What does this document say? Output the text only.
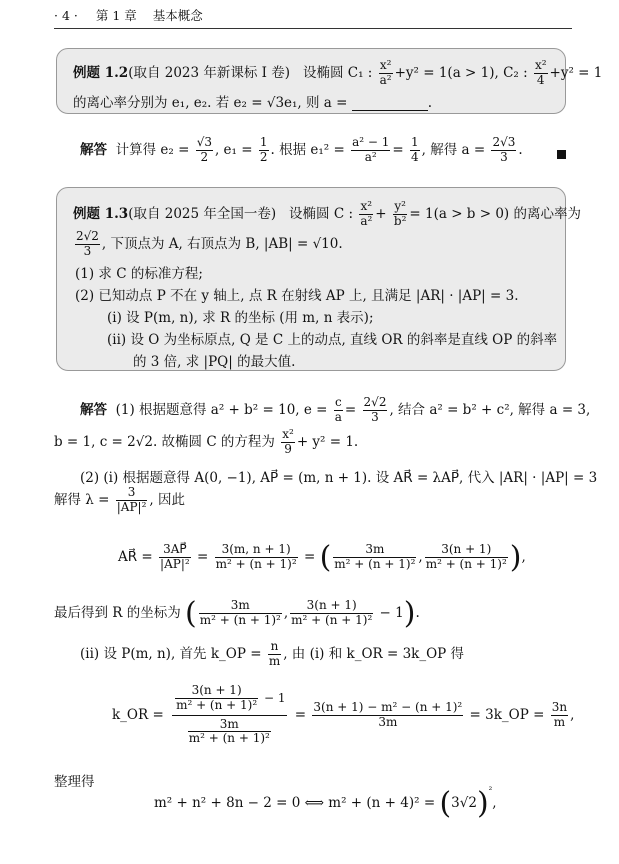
· 4 · 第 1 章 基本概念
例题 1.2(取自 2023 年新课标 I 卷) 设椭圆 C₁ : $\frac{\text{x²}}{\text{a²}} +y^2 = 1(a > 1)$, C₂ : $\frac{\text{x²}}{4} +y^2 = 1$
的离心率分别为 e₁, e₂. 若 e₂ = √3e₁, 则 a =	.
解答 计算得 $e_2 = \frac{√3}{2}$ , $e_1 = \frac{1}{2}$ . 根据 $e_1^2 = \frac{\text{a² − 1}}{\text{a²}} = \frac{1}{4}$ , 解得 $a = \frac{2√3}{3}$ .
例题 1.3(取自 2025 年全国一卷) 设椭圆 C : $\frac{\text{x²}}{\text{a²}} + \frac{\text{y²}}{\text{b²}} = 1(a > b > 0)$ 的离心率为
$\frac{2√2}{3}$ , 下顶点为 A, 右顶点为 B, |AB| = √10.
(1) 求 C 的标准方程;
(2) 已知动点 P 不在 y 轴上, 点 R 在射线 AP 上, 且满足 |AR| · |AP| = 3.
(i) 设 P(m, n), 求 R 的坐标 (用 m, n 表示);
(ii) 设 O 为坐标原点, Q 是 C 上的动点, 直线 OR 的斜率是直线 OP 的斜率
的 3 倍, 求 |PQ| 的最大值.
解答 (1) 根据题意得 a² + b² = 10, $e = \frac{c}{a} = \frac{2√2}{3}$ , 结合 a² = b² + c², 解得 a = 3,
b = 1, c = 2√2. 故椭圆 C 的方程为 $\frac{\text{x²}}{9} + y^2 = 1$.
(2) (i) 根据题意得 A(0, −1), AP⃗ = (m, n + 1). 设 AR⃗ = λAP⃗, 代入 |AR| · |AP| = 3
解得 $\lambda = \frac{3}{\text{|AP|²}}$ , 因此
AR⃗ = $\frac{3AP⃗}{\text{|AP|²}} = \frac{3(m, n + 1)}{\text{m² + (n + 1)²}}$ = ( $\frac{3m}{\text{m² + (n + 1)²}}$ , $\frac{3(n + 1)}{\text{m² + (n + 1)²}}$ ),
最后得到 R 的坐标为 ( $\frac{3m}{\text{m² + (n + 1)²}}$ , $\frac{3(n + 1)}{\text{m² + (n + 1)²}} - 1$).
(ii) 设 P(m, n), 首先 k_OP = $\frac{n}{m}$ , 由 (i) 和 k_OR = 3k_OP 得
k_OR = $\frac{\frac{3(n + 1)}{\text{m² + (n + 1)²}} - 1}{\frac{3m}{\text{m² + (n + 1)²}}} = \frac{\text{3(n + 1) − m² − (n + 1)²}}{3m}$ = 3k_OP = $\frac{3n}{m}$ ,
整理得
m² + n² + 8n − 2 = 0 ⟺ $m^2 + (n + 4)^2 = (3√2)^{^2}$,
